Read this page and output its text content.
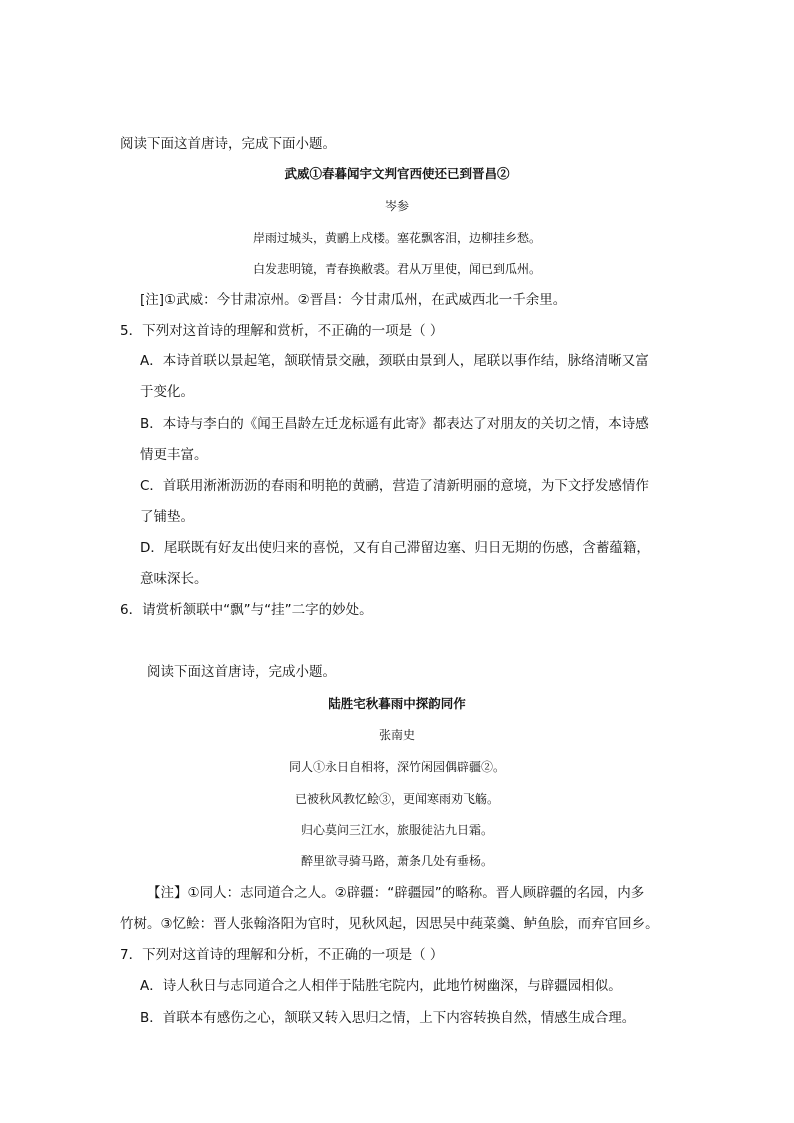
阅读下面这首唐诗，完成下面小题。
武威①春暮闻宇文判官西使还已到晋昌②
岑参
岸雨过城头，黄鹂上戍楼。塞花飘客泪，边柳挂乡愁。
白发悲明镜，青春换敝裘。君从万里使，闻已到瓜州。
[注]①武威：今甘肃凉州。②晋昌：今甘肃瓜州，在武威西北一千余里。
5．下列对这首诗的理解和赏析，不正确的一项是（ ）
A．本诗首联以景起笔，颔联情景交融，颈联由景到人，尾联以事作结，脉络清晰又富
于变化。
B．本诗与李白的《闻王昌龄左迁龙标遥有此寄》都表达了对朋友的关切之情，本诗感
情更丰富。
C．首联用淅淅沥沥的春雨和明艳的黄鹂，营造了清新明丽的意境，为下文抒发感情作
了铺垫。
D．尾联既有好友出使归来的喜悦，又有自己滞留边塞、归日无期的伤感，含蓄蕴籍，
意味深长。
6．请赏析颔联中“飘”与“挂”二字的妙处。
阅读下面这首唐诗，完成小题。
陆胜宅秋暮雨中探韵同作
张南史
同人①永日自相将，深竹闲园偶辟疆②。
已被秋风教忆鲙③，更闻寒雨劝飞觞。
归心莫问三江水，旅服徒沾九日霜。
醉里欲寻骑马路，萧条几处有垂杨。
【注】①同人：志同道合之人。②辟疆：“辟疆园”的略称。晋人顾辟疆的名园，内多
竹树。③忆鲙：晋人张翰洛阳为官时，见秋风起，因思吴中莼菜羹、鲈鱼脍，而弃官回乡。
7．下列对这首诗的理解和分析，不正确的一项是（ ）
A．诗人秋日与志同道合之人相伴于陆胜宅院内，此地竹树幽深，与辟疆园相似。
B．首联本有感伤之心，颔联又转入思归之情，上下内容转换自然，情感生成合理。
